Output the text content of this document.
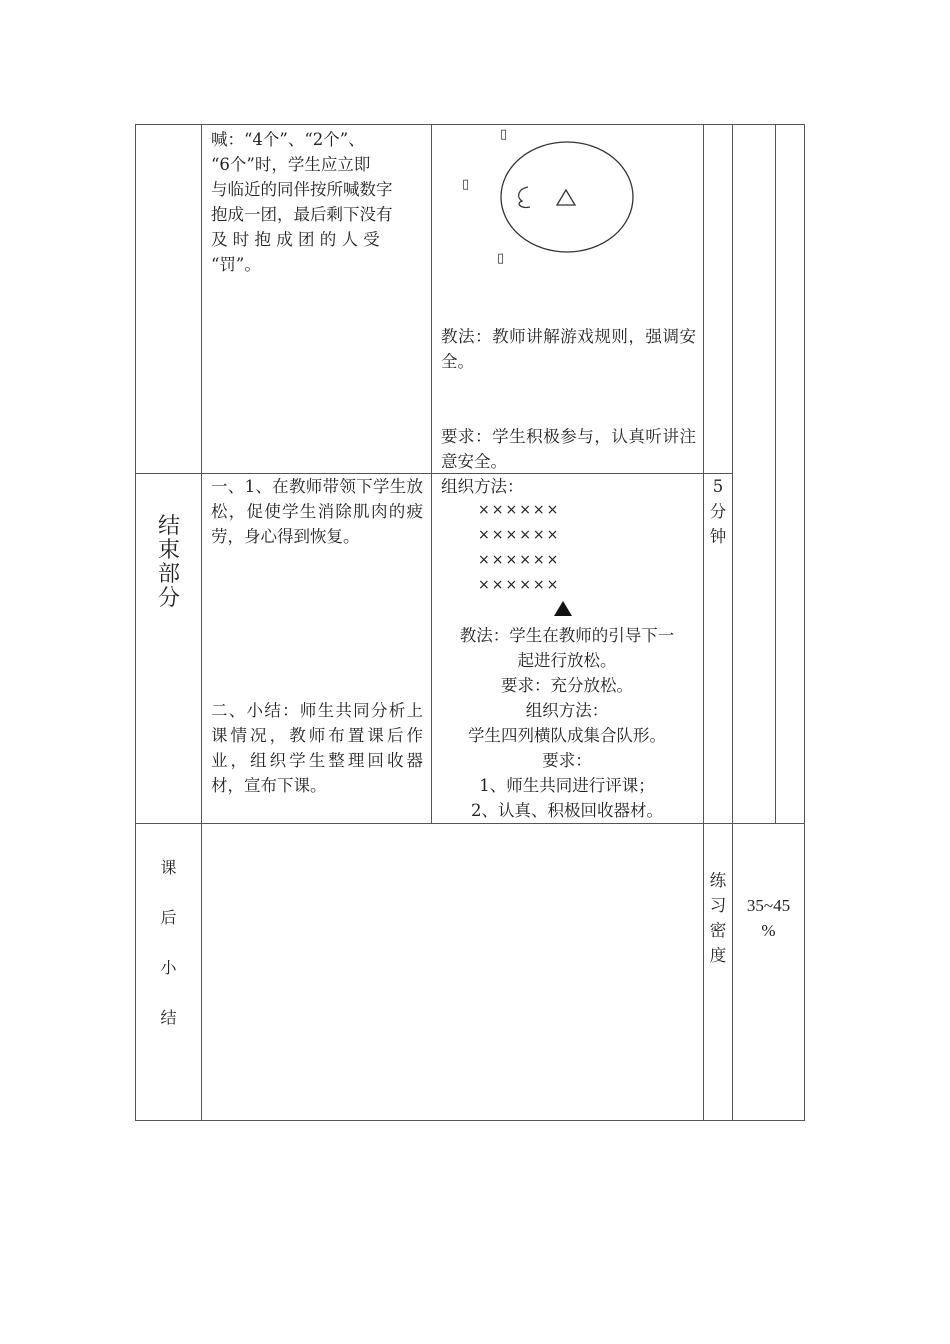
喊：“4个”、“2个”、
“6个”时，学生应立即
与临近的同伴按所喊数字
抱成一团，最后剩下没有
及 时 抱 成 团 的 人 受
“罚”。
▯
▯
▯
教法：教师讲解游戏规则，强调安全。
要求：学生积极参与，认真听讲注意安全。
结
束
部
分
一、1、在教师带领下学生放松，促使学生消除肌肉的疲劳，身心得到恢复。
二、小结：师生共同分析上课情况，教师布置课后作业，组织学生整理回收器材，宣布下课。
组织方法：
××××××
××××××
××××××
××××××
教法：学生在教师的引导下一
起进行放松。
要求：充分放松。
组织方法：
学生四列横队成集合队形。
要求：
1、师生共同进行评课；
2、认真、积极回收器材。
5
分
钟
课
后
小
结
练
习
密
度
35~45
%
